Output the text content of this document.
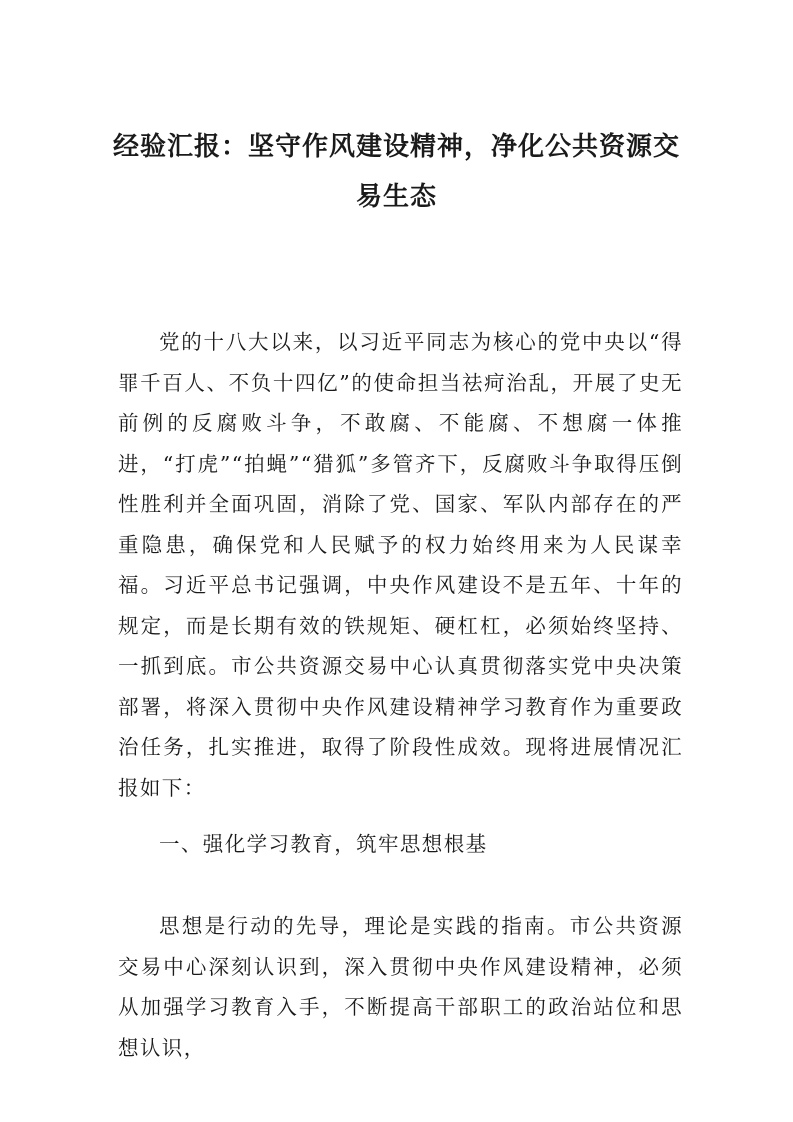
经验汇报：坚守作风建设精神，净化公共资源交
易生态

党的十八大以来，以习近平同志为核心的党中央以“得罪千百人、不负十四亿”的使命担当祛疴治乱，开展了史无前例的反腐败斗争，不敢腐、不能腐、不想腐一体推进，“打虎”“拍蝇”“猎狐”多管齐下，反腐败斗争取得压倒性胜利并全面巩固，消除了党、国家、军队内部存在的严重隐患，确保党和人民赋予的权力始终用来为人民谋幸福。习近平总书记强调，中央作风建设不是五年、十年的规定，而是长期有效的铁规矩、硬杠杠，必须始终坚持、一抓到底。市公共资源交易中心认真贯彻落实党中央决策部署，将深入贯彻中央作风建设精神学习教育作为重要政治任务，扎实推进，取得了阶段性成效。现将进展情况汇报如下：

一、强化学习教育，筑牢思想根基

思想是行动的先导，理论是实践的指南。市公共资源交易中心深刻认识到，深入贯彻中央作风建设精神，必须从加强学习教育入手，不断提高干部职工的政治站位和思想认识，
